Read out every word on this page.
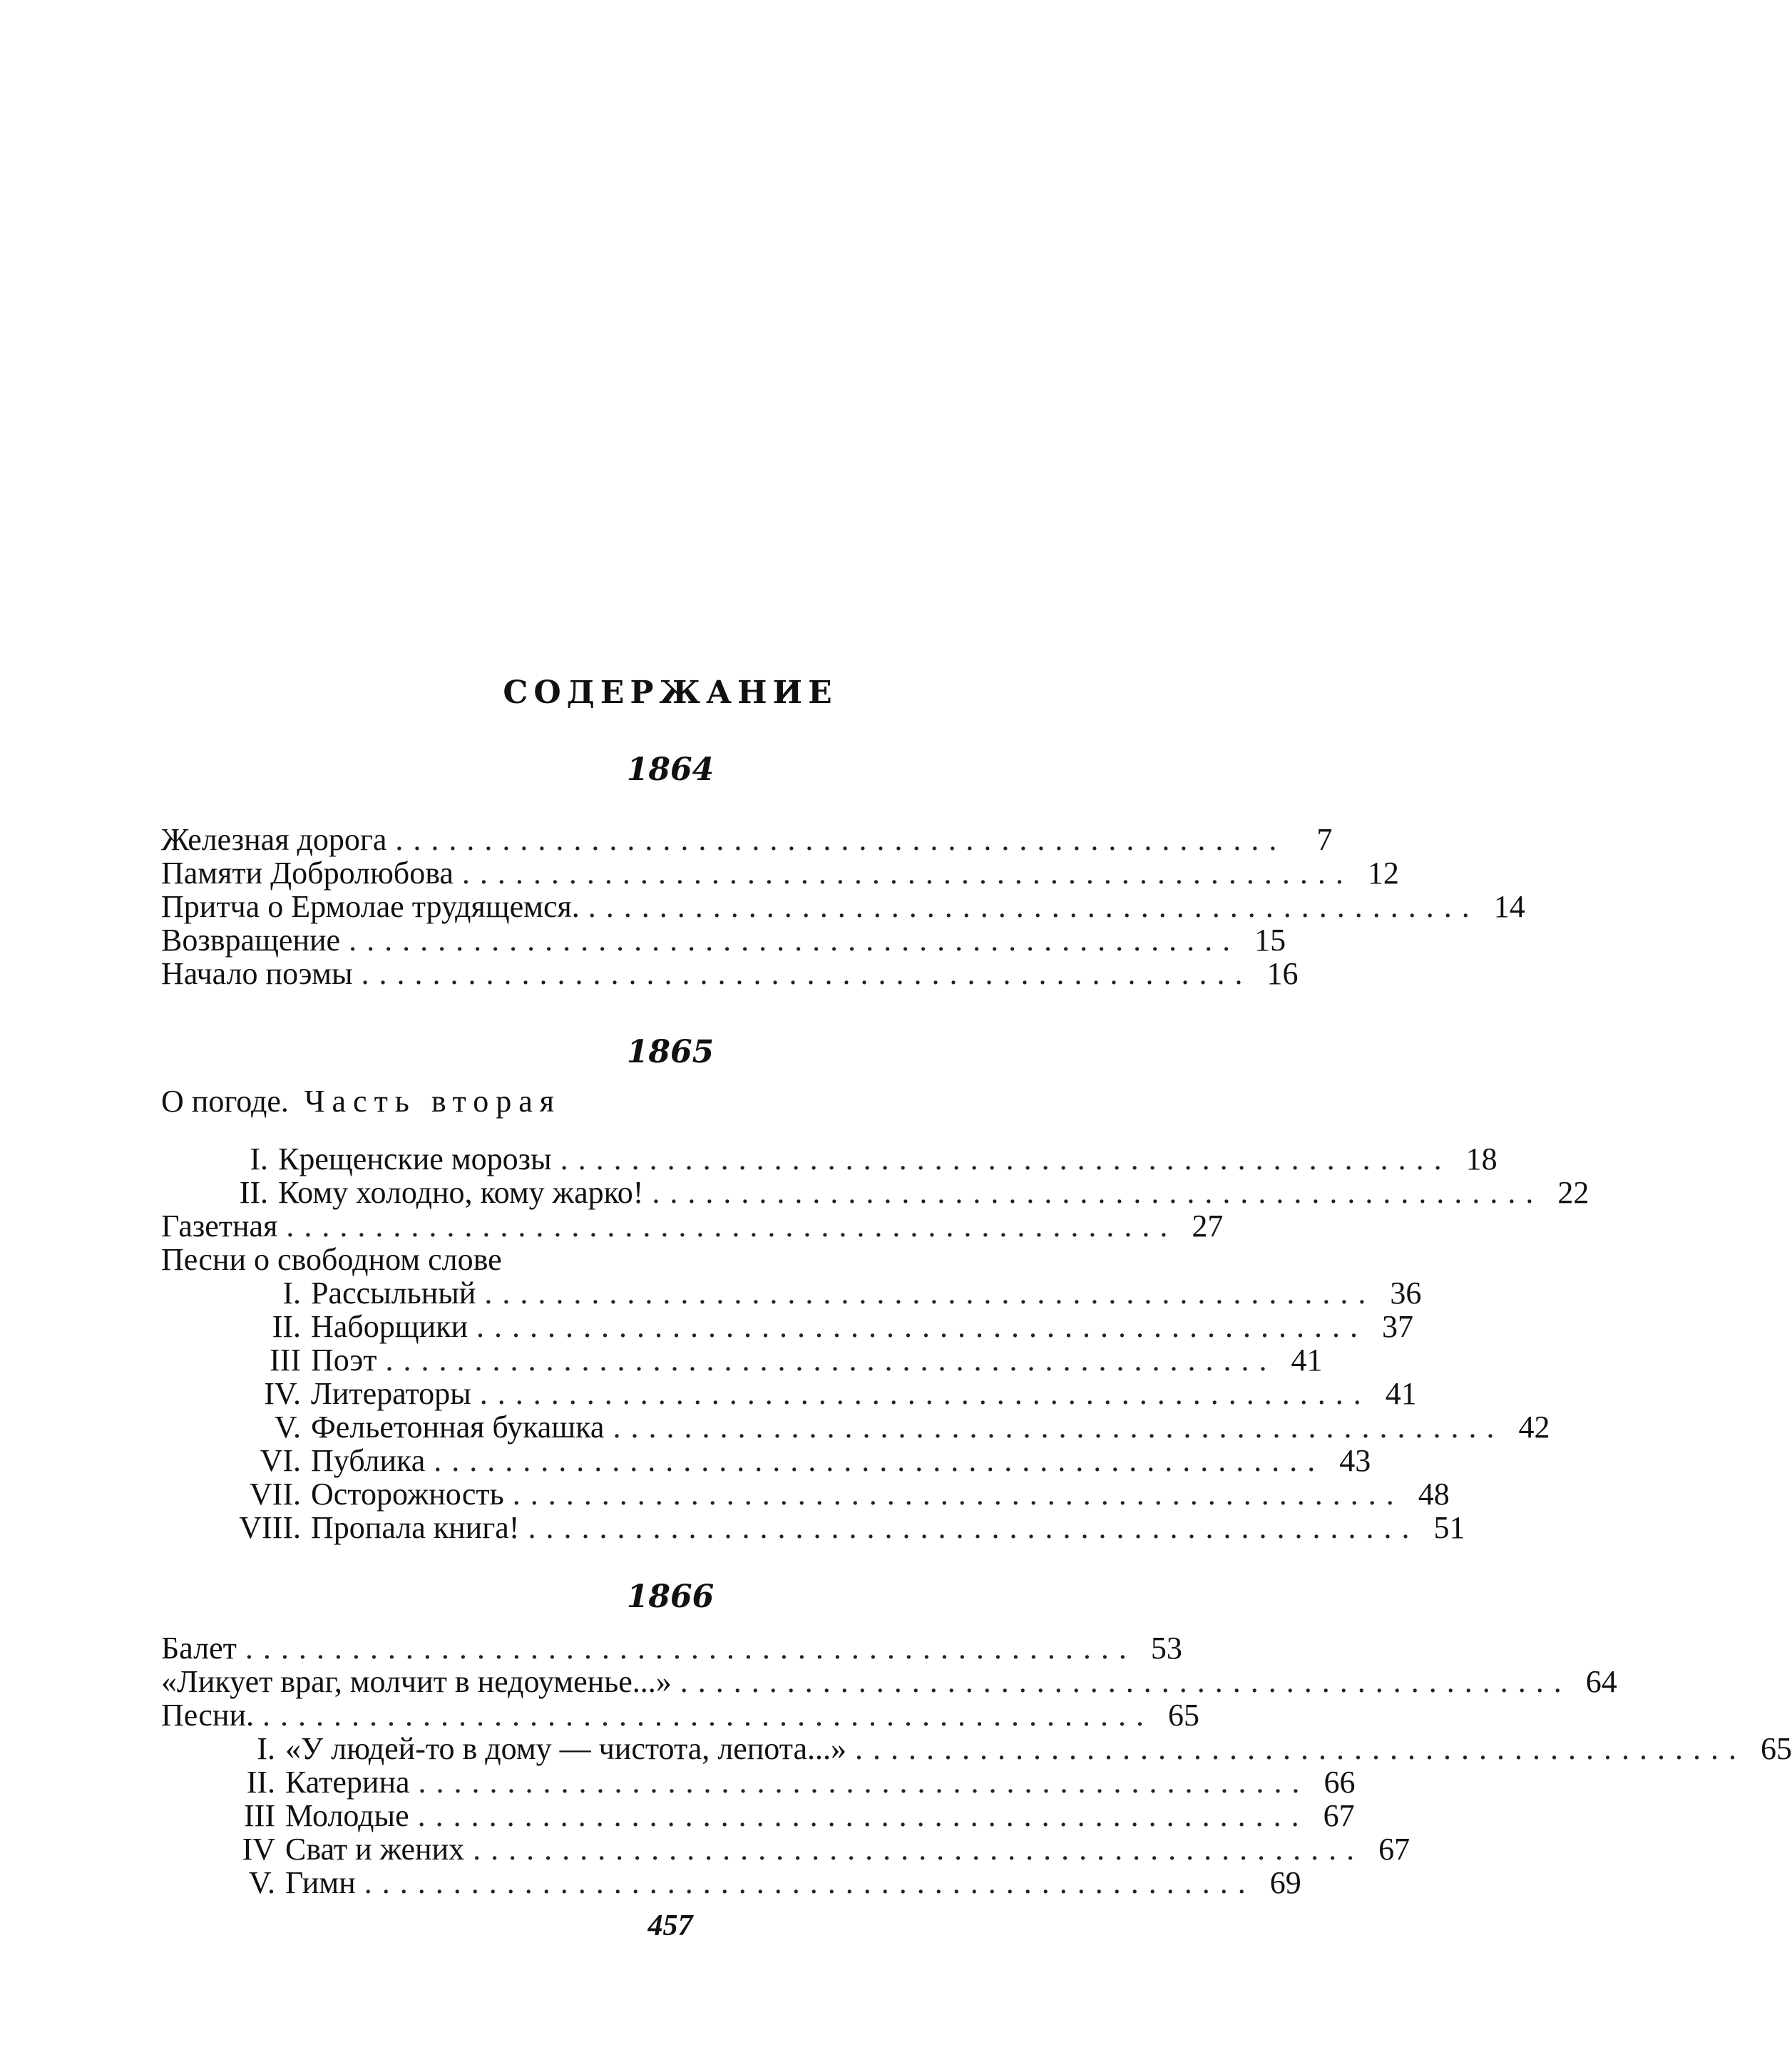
СОДЕРЖАНИЕ
1864
Железная дорога .................................................. 7
Памяти Добролюбова .................................................. 12
Притча о Ермолае трудящемся. .................................................. 14
Возвращение .................................................. 15
Начало поэмы .................................................. 16
1865
О погоде. Часть вторая
I. Крещенские морозы .................................................. 18
II. Кому холодно, кому жарко! .................................................. 22
Газетная .................................................. 27
Песни о свободном слове
I. Рассыльный .................................................. 36
II. Наборщики .................................................. 37
III Поэт .................................................. 41
IV. Литераторы .................................................. 41
V. Фельетонная букашка .................................................. 42
VI. Публика .................................................. 43
VII. Осторожность .................................................. 48
VIII. Пропала книга! .................................................. 51
1866
Балет .................................................. 53
«Ликует враг, молчит в недоуменье...» .................................................. 64
Песни. .................................................. 65
I. «У людей-то в дому — чистота, лепота...» .................................................. 65
II. Катерина .................................................. 66
III Молодые .................................................. 67
IV Сват и жених .................................................. 67
V. Гимн .................................................. 69
457
